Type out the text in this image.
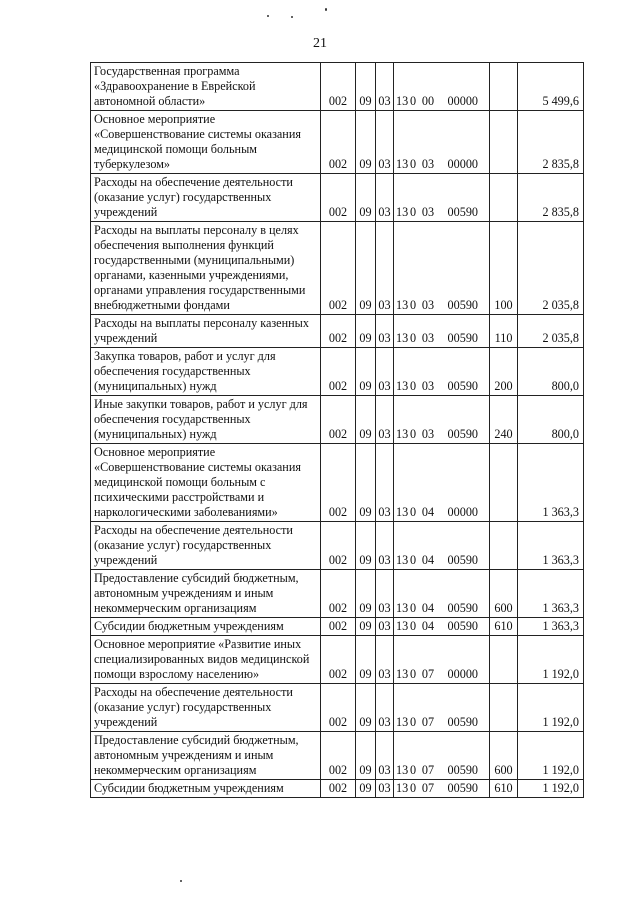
21
Государственная программа «Здравоохранение в Еврейской автономной области»	002	09	03	13 0 00 00000		5 499,6
Основное мероприятие «Совершенствование системы оказания медицинской помощи больным туберкулезом»	002	09	03	13 0 03 00000		2 835,8
Расходы на обеспечение деятельности (оказание услуг) государственных учреждений	002	09	03	13 0 03 00590		2 835,8
Расходы на выплаты персоналу в целях обеспечения выполнения функций государственными (муниципальными) органами, казенными учреждениями, органами управления государственными внебюджетными фондами	002	09	03	13 0 03 00590	100	2 035,8
Расходы на выплаты персоналу казенных учреждений	002	09	03	13 0 03 00590	110	2 035,8
Закупка товаров, работ и услуг для обеспечения государственных (муниципальных) нужд	002	09	03	13 0 03 00590	200	800,0
Иные закупки товаров, работ и услуг для обеспечения государственных (муниципальных) нужд	002	09	03	13 0 03 00590	240	800,0
Основное мероприятие «Совершенствование системы оказания медицинской помощи больным с психическими расстройствами и наркологическими заболеваниями»	002	09	03	13 0 04 00000		1 363,3
Расходы на обеспечение деятельности (оказание услуг) государственных учреждений	002	09	03	13 0 04 00590		1 363,3
Предоставление субсидий бюджетным, автономным учреждениям и иным некоммерческим организациям	002	09	03	13 0 04 00590	600	1 363,3
Субсидии бюджетным учреждениям	002	09	03	13 0 04 00590	610	1 363,3
Основное мероприятие «Развитие иных специализированных видов медицинской помощи взрослому населению»	002	09	03	13 0 07 00000		1 192,0
Расходы на обеспечение деятельности (оказание услуг) государственных учреждений	002	09	03	13 0 07 00590		1 192,0
Предоставление субсидий бюджетным, автономным учреждениям и иным некоммерческим организациям	002	09	03	13 0 07 00590	600	1 192,0
Субсидии бюджетным учреждениям	002	09	03	13 0 07 00590	610	1 192,0
